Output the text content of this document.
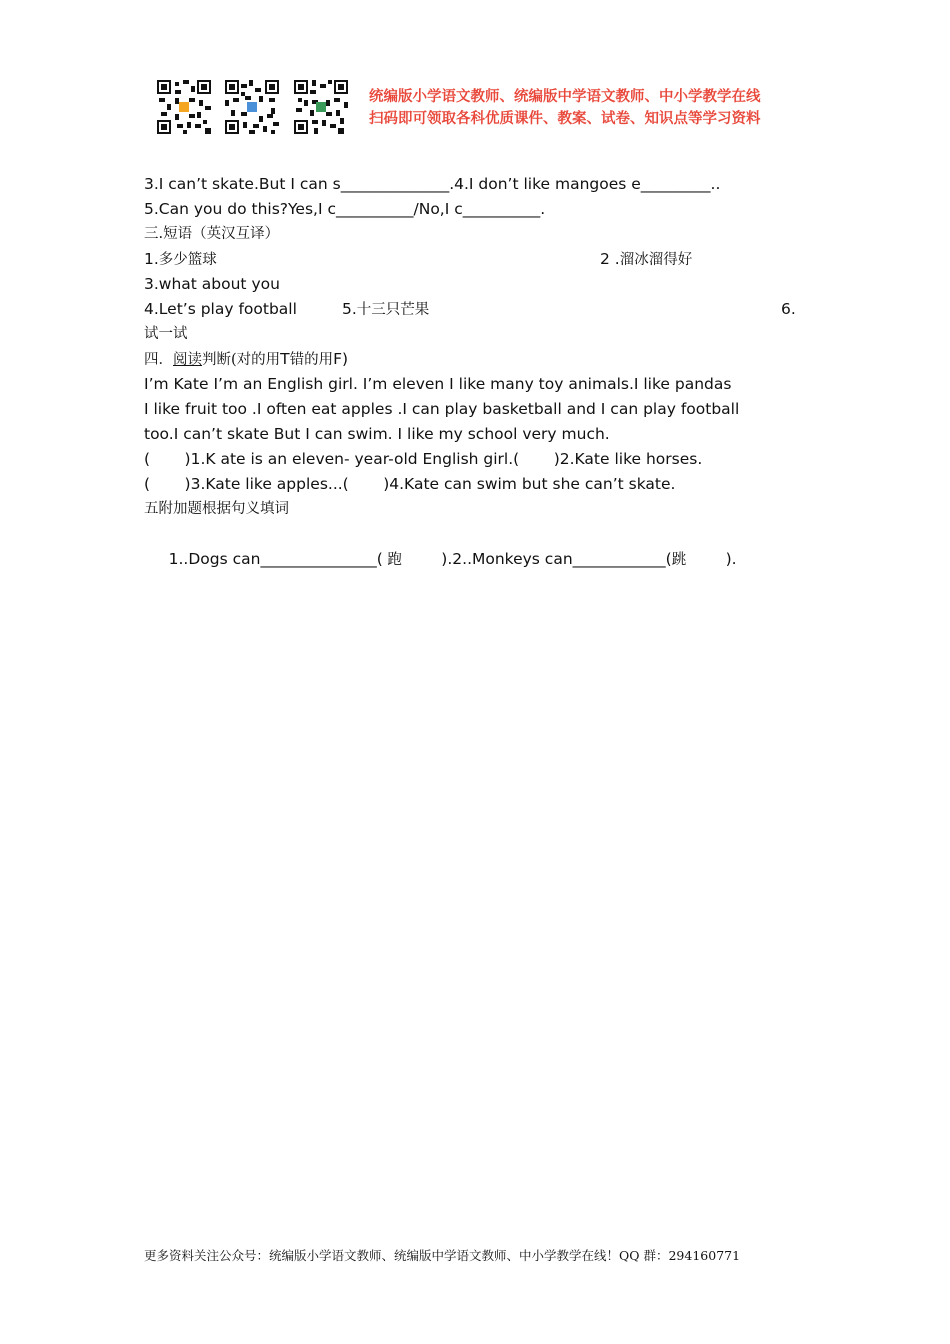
统编版小学语文教师、统编版中学语文教师、中小学教学在线
扫码即可领取各科优质课件、教案、试卷、知识点等学习资料
3.I can’t skate.But I can s______________.4.I don’t like mangoes e_________..
5.Can you do this?Yes,I c__________/No,I c__________.
三.短语（英汉互译）
1.多少篮球	2 .溜冰溜得好
3.what about you
4.Let’s play football	5.十三只芒果	6.
试一试
四．阅读判断(对的用T错的用F)
I’m Kate I’m an English girl. I’m eleven I like many toy animals.I like pandas
I like fruit too .I often eat apples .I can play basketball and I can play football
too.I can’t skate But I can swim. I like my school very much.
(       )1.K ate is an eleven- year-old English girl.(       )2.Kate like horses.
(       )3.Kate like apples...(       )4.Kate can swim but she can’t skate.
五附加题根据句义填词

1..Dogs can_______________( 跑        ).2..Monkeys can____________(跳        ).

更多资料关注公众号：统编版小学语文教师、统编版中学语文教师、中小学教学在线！QQ 群：294160771
